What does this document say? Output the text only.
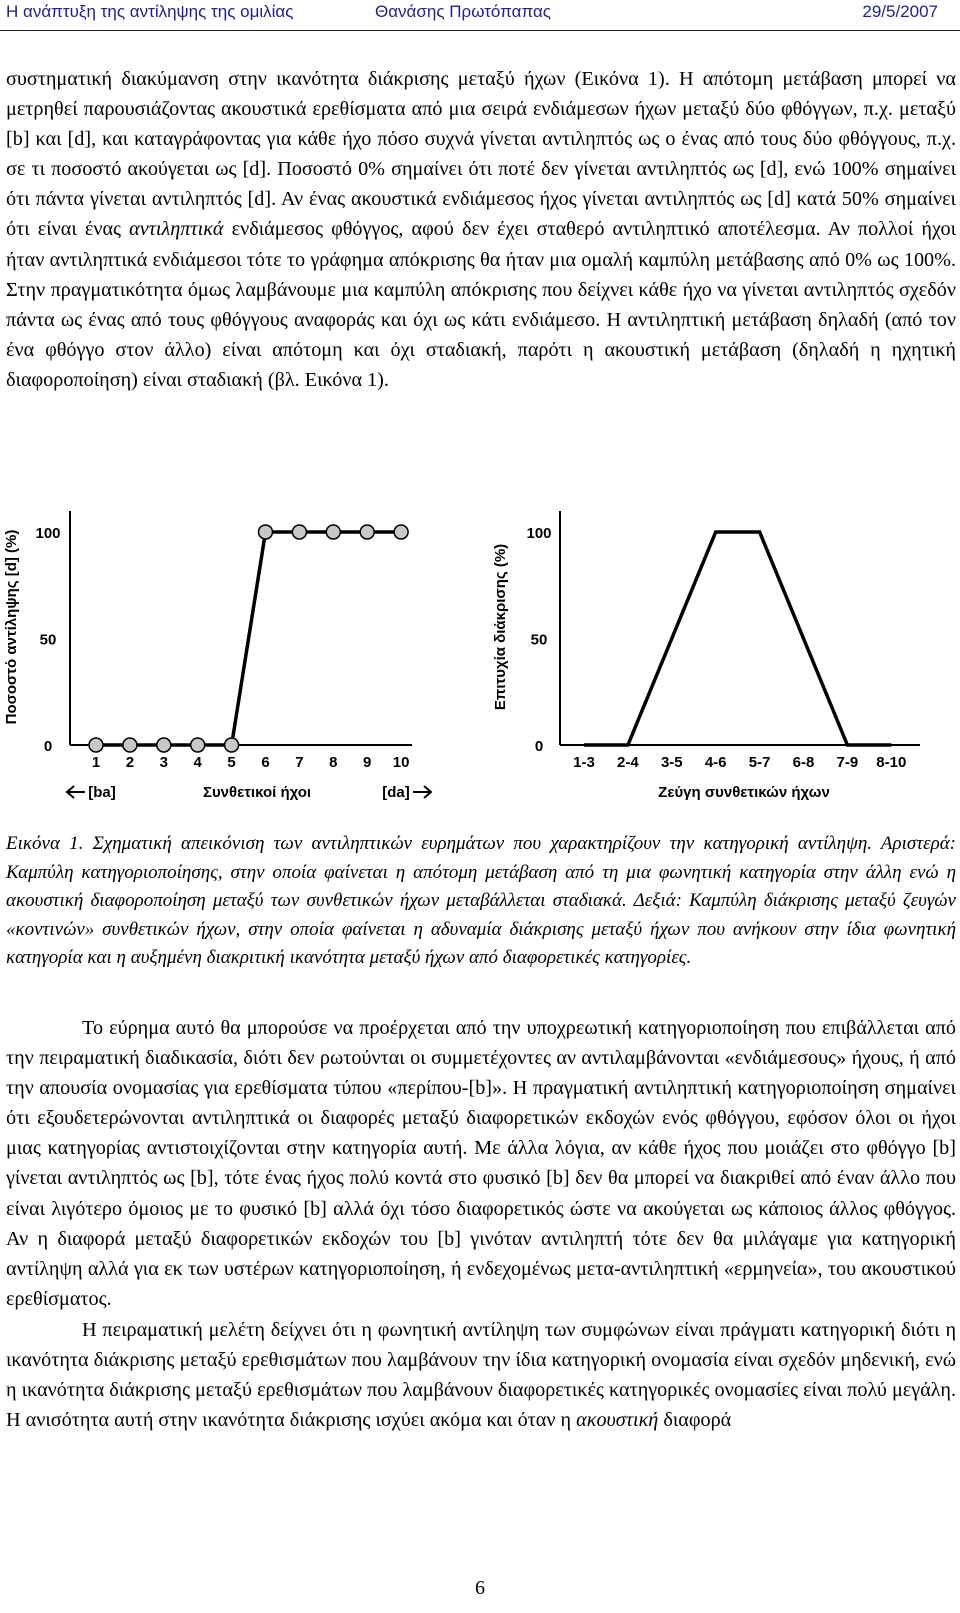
Η ανάπτυξη της αντίληψης της ομιλίας	Θανάσης Πρωτόπαπας	29/5/2007

συστηματική διακύμανση στην ικανότητα διάκρισης μεταξύ ήχων (Εικόνα 1). Η απότομη μετάβαση μπορεί να μετρηθεί παρουσιάζοντας ακουστικά ερεθίσματα από μια σειρά ενδιάμεσων ήχων μεταξύ δύο φθόγγων, π.χ. μεταξύ [b] και [d], και καταγράφοντας για κάθε ήχο πόσο συχνά γίνεται αντιληπτός ως ο ένας από τους δύο φθόγγους, π.χ. σε τι ποσοστό ακούγεται ως [d]. Ποσοστό 0% σημαίνει ότι ποτέ δεν γίνεται αντιληπτός ως [d], ενώ 100% σημαίνει ότι πάντα γίνεται αντιληπτός [d]. Αν ένας ακουστικά ενδιάμεσος ήχος γίνεται αντιληπτός ως [d] κατά 50% σημαίνει ότι είναι ένας αντιληπτικά ενδιάμεσος φθόγγος, αφού δεν έχει σταθερό αντιληπτικό αποτέλεσμα. Αν πολλοί ήχοι ήταν αντιληπτικά ενδιάμεσοι τότε το γράφημα απόκρισης θα ήταν μια ομαλή καμπύλη μετάβασης από 0% ως 100%. Στην πραγματικότητα όμως λαμβάνουμε μια καμπύλη απόκρισης που δείχνει κάθε ήχο να γίνεται αντιληπτός σχεδόν πάντα ως ένας από τους φθόγγους αναφοράς και όχι ως κάτι ενδιάμεσο. Η αντιληπτική μετάβαση δηλαδή (από τον ένα φθόγγο στον άλλο) είναι απότομη και όχι σταδιακή, παρότι η ακουστική μετάβαση (δηλαδή η ηχητική διαφοροποίηση) είναι σταδιακή (βλ. Εικόνα 1).

0
50
100
1 2 3 4 5 6 7 8 9 10
Ποσοστό αντίληψης [d] (%)
Συνθετικοί ήχοι
[ba]	[da]
0
50
100
1-3 2-4 3-5 4-6 5-7 6-8 7-9 8-10
Επιτυχία διάκρισης (%)
Ζεύγη συνθετικών ήχων

Εικόνα 1. Σχηματική απεικόνιση των αντιληπτικών ευρημάτων που χαρακτηρίζουν την κατηγορική αντίληψη. Αριστερά: Καμπύλη κατηγοριοποίησης, στην οποία φαίνεται η απότομη μετάβαση από τη μια φωνητική κατηγορία στην άλλη ενώ η ακουστική διαφοροποίηση μεταξύ των συνθετικών ήχων μεταβάλλεται σταδιακά. Δεξιά: Καμπύλη διάκρισης μεταξύ ζευγών «κοντινών» συνθετικών ήχων, στην οποία φαίνεται η αδυναμία διάκρισης μεταξύ ήχων που ανήκουν στην ίδια φωνητική κατηγορία και η αυξημένη διακριτική ικανότητα μεταξύ ήχων από διαφορετικές κατηγορίες.

Το εύρημα αυτό θα μπορούσε να προέρχεται από την υποχρεωτική κατηγοριοποίηση που επιβάλλεται από την πειραματική διαδικασία, διότι δεν ρωτούνται οι συμμετέχοντες αν αντιλαμβάνονται «ενδιάμεσους» ήχους, ή από την απουσία ονομασίας για ερεθίσματα τύπου «περίπου-[b]». Η πραγματική αντιληπτική κατηγοριοποίηση σημαίνει ότι εξουδετερώνονται αντιληπτικά οι διαφορές μεταξύ διαφορετικών εκδοχών ενός φθόγγου, εφόσον όλοι οι ήχοι μιας κατηγορίας αντιστοιχίζονται στην κατηγορία αυτή. Με άλλα λόγια, αν κάθε ήχος που μοιάζει στο φθόγγο [b] γίνεται αντιληπτός ως [b], τότε ένας ήχος πολύ κοντά στο φυσικό [b] δεν θα μπορεί να διακριθεί από έναν άλλο που είναι λιγότερο όμοιος με το φυσικό [b] αλλά όχι τόσο διαφορετικός ώστε να ακούγεται ως κάποιος άλλος φθόγγος. Αν η διαφορά μεταξύ διαφορετικών εκδοχών του [b] γινόταν αντιληπτή τότε δεν θα μιλάγαμε για κατηγορική αντίληψη αλλά για εκ των υστέρων κατηγοριοποίηση, ή ενδεχομένως μετα-αντιληπτική «ερμηνεία», του ακουστικού ερεθίσματος.

Η πειραματική μελέτη δείχνει ότι η φωνητική αντίληψη των συμφώνων είναι πράγματι κατηγορική διότι η ικανότητα διάκρισης μεταξύ ερεθισμάτων που λαμβάνουν την ίδια κατηγορική ονομασία είναι σχεδόν μηδενική, ενώ η ικανότητα διάκρισης μεταξύ ερεθισμάτων που λαμβάνουν διαφορετικές κατηγορικές ονομασίες είναι πολύ μεγάλη. Η ανισότητα αυτή στην ικανότητα διάκρισης ισχύει ακόμα και όταν η ακουστική διαφορά

6
